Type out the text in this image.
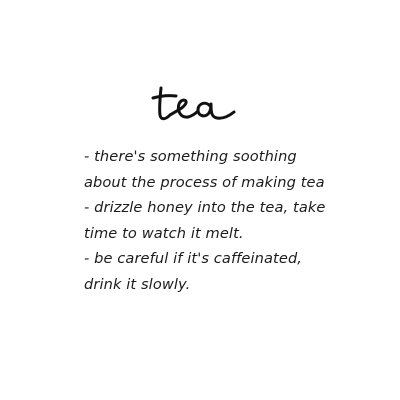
tea
- there's something soothing
about the process of making tea
- drizzle honey into the tea, take
time to watch it melt.
- be careful if it's caffeinated,
drink it slowly.
